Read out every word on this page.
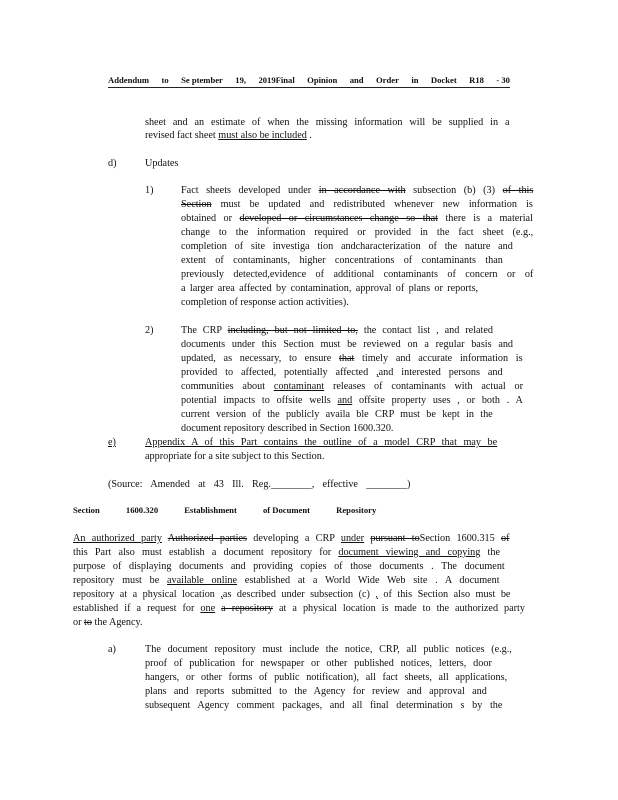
Addendum to Se ptember 19, 2019Final Opinion and Order in Docket R18 - 30
Section	1600.320	Establishment	of Document	Repository
sheet and an estimate of when the missing information will be supplied in a
revised fact sheet must also be included .
d)	Updates
1)	Fact sheets developed under in accordance with subsection (b) (3) of this
Section must be updated and redistributed whenever new information is
obtained or developed or circumstances change so that there is a material
change to the information required or provided in the fact sheet (e.g.,
completion of site investiga tion andcharacterization of the nature and
extent of contaminants, higher concentrations of contaminants than
previously detected,evidence of additional contaminants of concern or of
a larger area affected by contamination, approval of plans or reports,
completion of response action activities).
2)	The CRP including, but not limited to, the contact list , and related
documents under this Section must be reviewed on a regular basis and
updated, as necessary, to ensure that timely and accurate information is
provided to affected, potentially affected ,and interested persons and
communities about contaminant releases of contaminants with actual or
potential impacts to offsite wells and offsite property uses , or both . A
current version of the publicly availa ble CRP must be kept in the
document repository described in Section 1600.320.
e)	Appendix A of this Part contains the outline of a model CRP that may be
appropriate for a site subject to this Section.
(Source: Amended at 43 Ill. Reg.________, effective ________)
An authorized party Authorized parties developing a CRP under pursuant toSection 1600.315 of
this Part also must establish a document repository for document viewing and copying the
purpose of displaying documents and providing copies of those documents . The document
repository must be available online established at a World Wide Web site . A document
repository at a physical location ,as described under subsection (c) , of this Section also must be
established if a request for one a repository at a physical location is made to the authorized party
or to the Agency.
a)	The document repository must include the notice, CRP, all public notices (e.g.,
proof of publication for newspaper or other published notices, letters, door
hangers, or other forms of public notification), all fact sheets, all applications,
plans and reports submitted to the Agency for review and approval and
subsequent Agency comment packages, and all final determination s by the
